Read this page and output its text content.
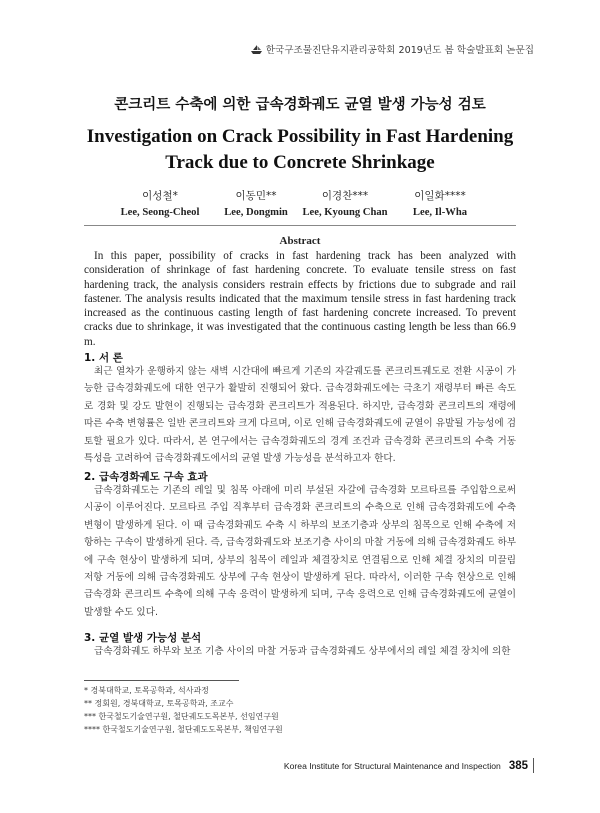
한국구조물진단유지관리공학회 2019년도 봄 학술발표회 논문집
콘크리트 수축에 의한 급속경화궤도 균열 발생 가능성 검토
Investigation on Crack Possibility in Fast Hardening Track due to Concrete Shrinkage
이성철*
Lee, Seong-Cheol
이동민**
Lee, Dongmin
이경찬***
Lee, Kyoung Chan
이일화****
Lee, Il-Wha
Abstract
In this paper, possibility of cracks in fast hardening track has been analyzed with consideration of shrinkage of fast hardening concrete. To evaluate tensile stress on fast hardening track, the analysis considers restrain effects by frictions due to subgrade and rail fastener. The analysis results indicated that the maximum tensile stress in fast hardening track increased as the continuous casting length of fast hardening concrete increased. To prevent cracks due to shrinkage, it was investigated that the continuous casting length be less than 66.9 m.
1. 서 론
최근 열차가 운행하지 않는 새벽 시간대에 빠르게 기존의 자갈궤도를 콘크리트궤도로 전환 시공이 가능한 급속경화궤도에 대한 연구가 활발히 진행되어 왔다. 급속경화궤도에는 극초기 재령부터 빠른 속도로 경화 및 강도 발현이 진행되는 급속경화 콘크리트가 적용된다. 하지만, 급속경화 콘크리트의 재령에 따른 수축 변형률은 일반 콘크리트와 크게 다르며, 이로 인해 급속경화궤도에 균열이 유발될 가능성에 검토할 필요가 있다. 따라서, 본 연구에서는 급속경화궤도의 경계 조건과 급속경화 콘크리트의 수축 거동 특성을 고려하여 급속경화궤도에서의 균열 발생 가능성을 분석하고자 한다.
2. 급속경화궤도 구속 효과
급속경화궤도는 기존의 레일 및 침목 아래에 미리 부설된 자갈에 급속경화 모르타르를 주입함으로써 시공이 이루어진다. 모르타르 주입 직후부터 급속경화 콘크리트의 수축으로 인해 급속경화궤도에 수축 변형이 발생하게 된다. 이 때 급속경화궤도 수축 시 하부의 보조기층과 상부의 침목으로 인해 수축에 저항하는 구속이 발생하게 된다. 즉, 급속경화궤도와 보조기층 사이의 마찰 거동에 의해 급속경화궤도 하부에 구속 현상이 발생하게 되며, 상부의 침목이 레일과 체결장치로 연결됨으로 인해 체결 장치의 미끌림 저항 거동에 의해 급속경화궤도 상부에 구속 현상이 발생하게 된다. 따라서, 이러한 구속 현상으로 인해 급속경화 콘크리트 수축에 의해 구속 응력이 발생하게 되며, 구속 응력으로 인해 급속경화궤도에 균열이 발생할 수도 있다.
3. 균열 발생 가능성 분석
급속경화궤도 하부와 보조 기층 사이의 마찰 거동과 급속경화궤도 상부에서의 레일 체결 장치에 의한
* 경북대학교, 토목공학과, 석사과정
** 정회원, 경북대학교, 토목공학과, 조교수
*** 한국철도기술연구원, 철단궤도도목본부, 선임연구원
**** 한국철도기술연구원, 철단궤도도목본부, 책임연구원
Korea Institute for Structural Maintenance and Inspection 385
